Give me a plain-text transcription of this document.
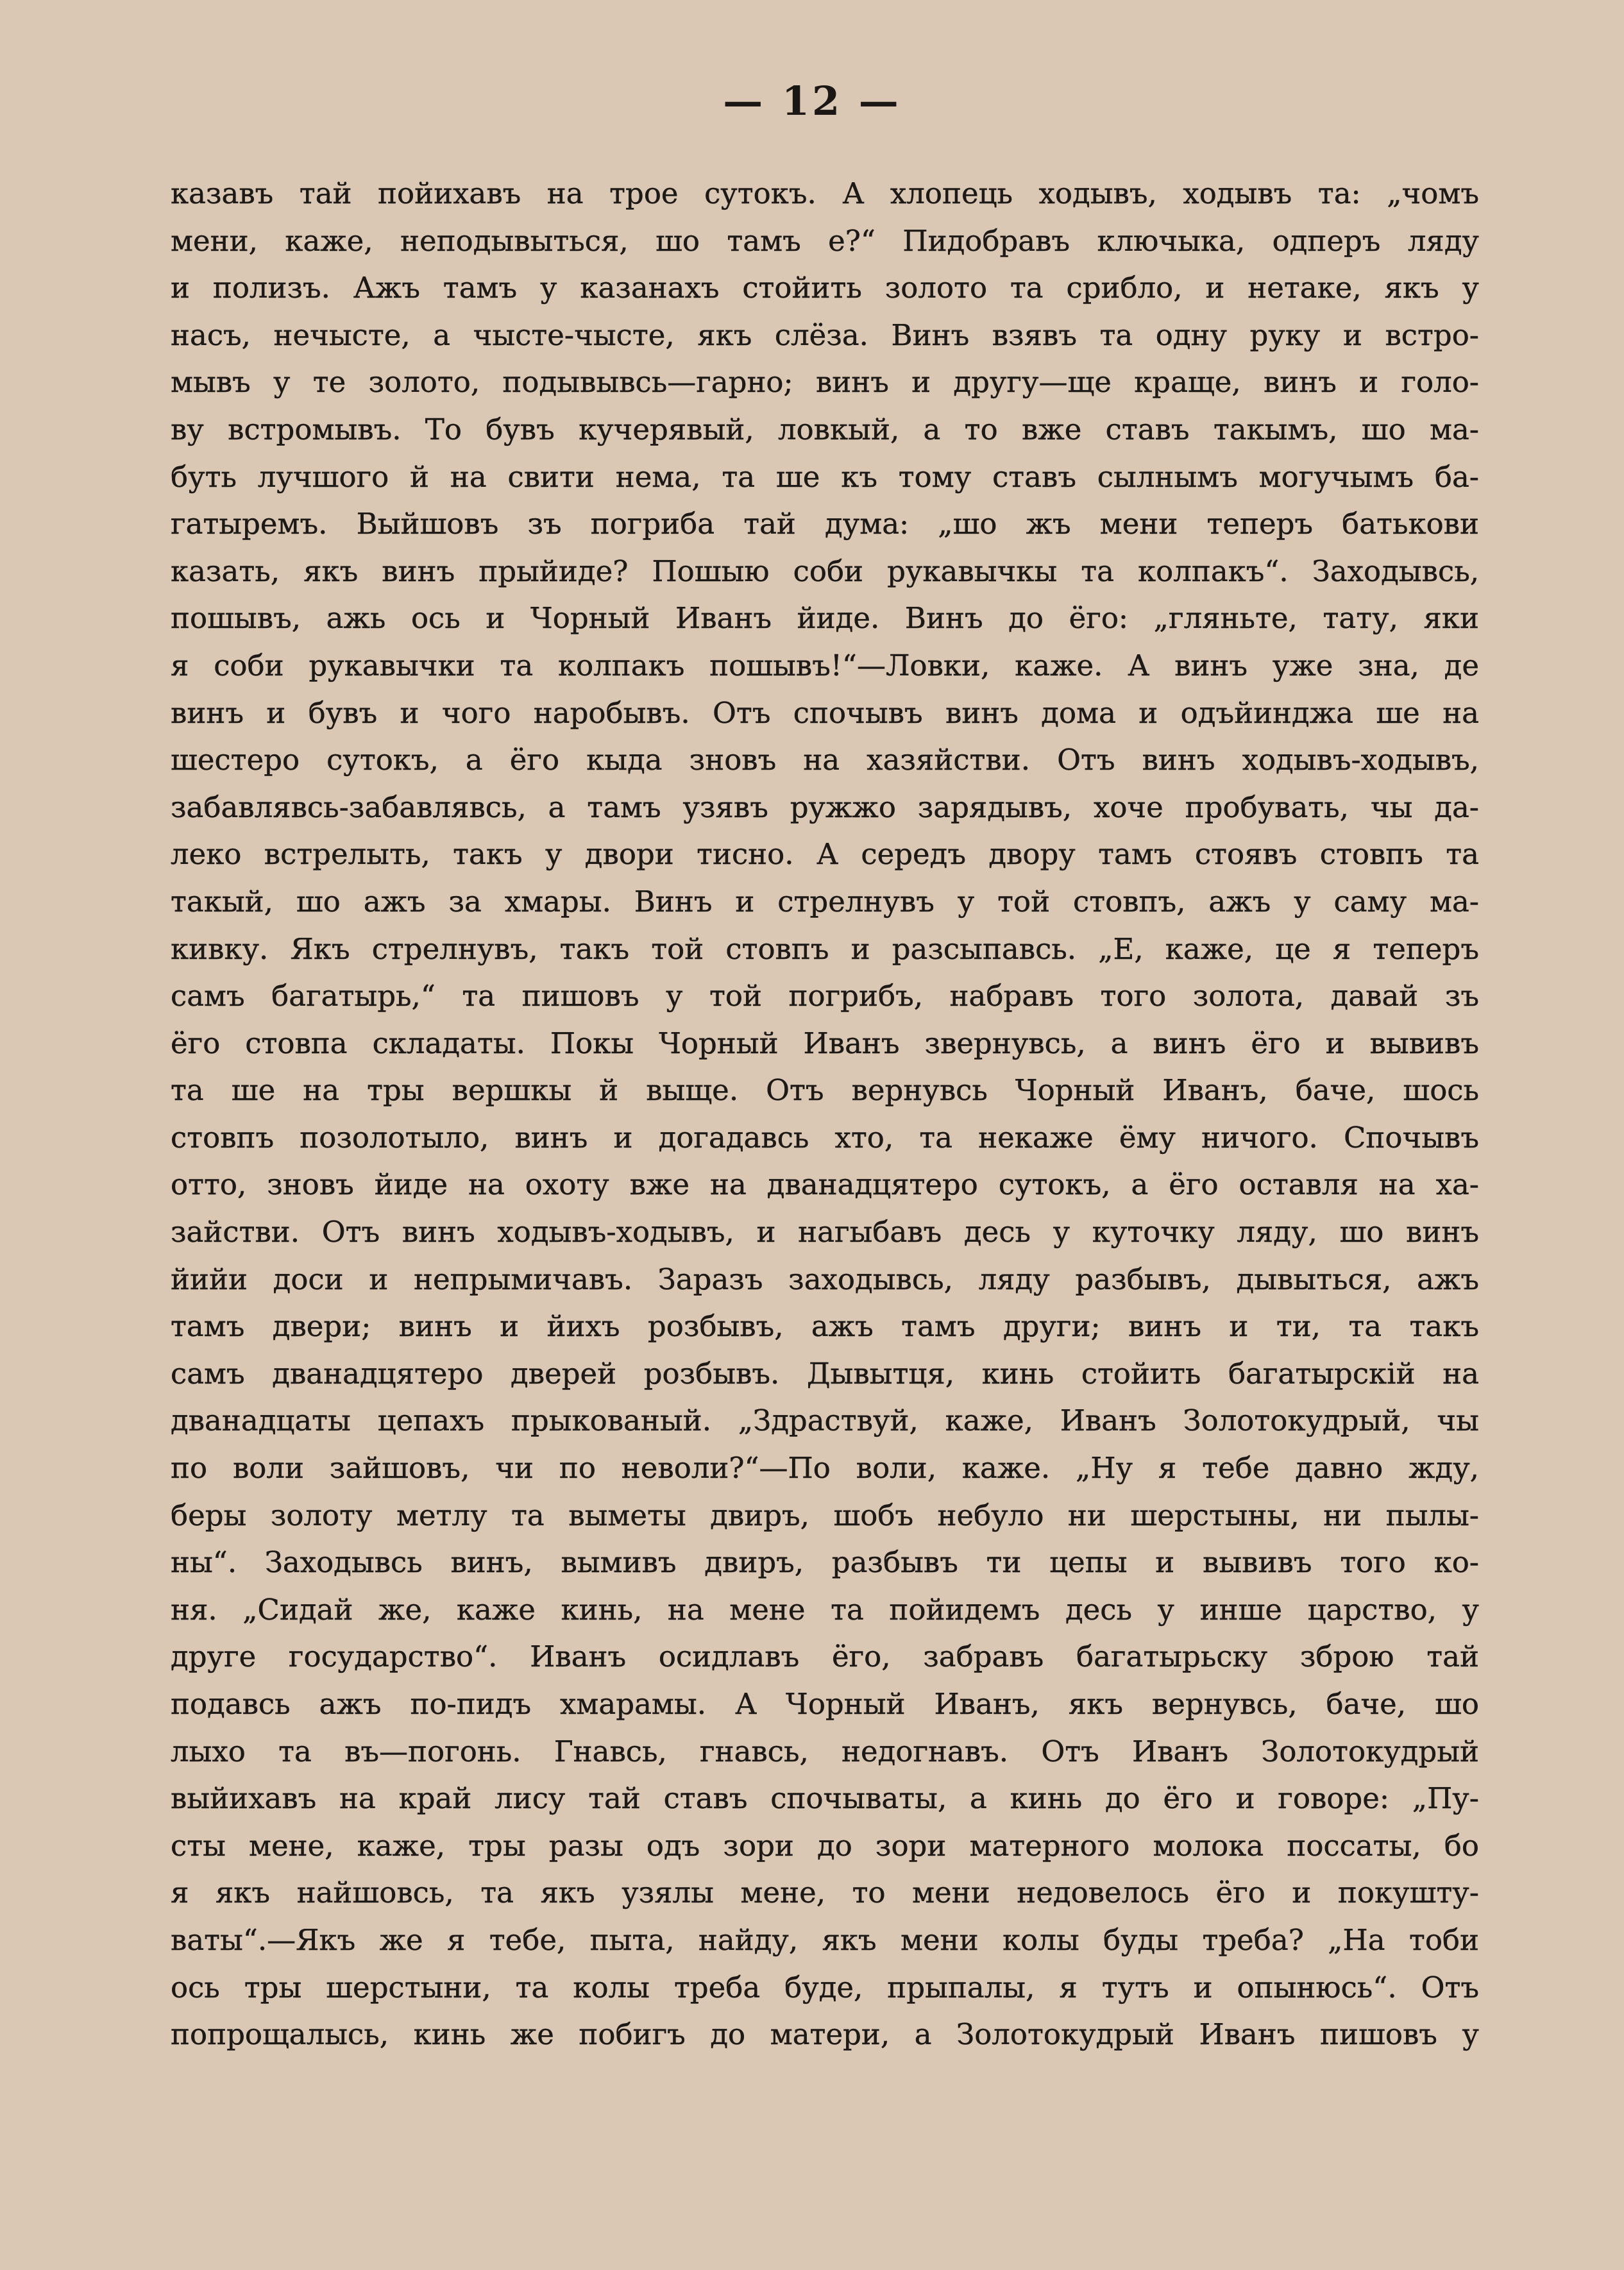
— 12 —
казавъ тай пойихавъ на трое сутокъ. А хлопець ходывъ, ходывъ та: „чомъ
мени, каже, неподывыться, шо тамъ е?“ Пидобравъ ключыка, одперъ ляду
и полизъ. Ажъ тамъ у казанахъ стойить золото та срибло, и нетаке, якъ у
насъ, нечысте, а чысте-чысте, якъ слёза. Винъ взявъ та одну руку и встро-
мывъ у те золото, подывывсь—гарно; винъ и другу—ще краще, винъ и голо-
ву встромывъ. То бувъ кучерявый, ловкый, а то вже ставъ такымъ, шо ма-
буть лучшого й на свити нема, та ше къ тому ставъ сылнымъ могучымъ ба-
гатыремъ. Выйшовъ зъ погриба тай дума: „шо жъ мени теперъ батькови
казать, якъ винъ прыйиде? Пошыю соби рукавычкы та колпакъ“. Заходывсь,
пошывъ, ажь ось и Чорный Иванъ йиде. Винъ до ёго: „гляньте, тату, яки
я соби рукавычки та колпакъ пошывъ!“—Ловки, каже. А винъ уже зна, де
винъ и бувъ и чого наробывъ. Отъ спочывъ винъ дома и одъйинджа ше на
шестеро сутокъ, а ёго кыда зновъ на хазяйстви. Отъ винъ ходывъ-ходывъ,
забавлявсь-забавлявсь, а тамъ узявъ ружжо зарядывъ, хоче пробувать, чы да-
леко встрелыть, такъ у двори тисно. А середъ двору тамъ стоявъ стовпъ та
такый, шо ажъ за хмары. Винъ и стрелнувъ у той стовпъ, ажъ у саму ма-
кивку. Якъ стрелнувъ, такъ той стовпъ и разсыпавсь. „Е, каже, це я теперъ
самъ багатырь,“ та пишовъ у той погрибъ, набравъ того золота, давай зъ
ёго стовпа складаты. Покы Чорный Иванъ звернувсь, а винъ ёго и вывивъ
та ше на тры вершкы й выще. Отъ вернувсь Чорный Иванъ, баче, шось
стовпъ позолотыло, винъ и догадавсь хто, та некаже ёму ничого. Спочывъ
отто, зновъ йиде на охоту вже на дванадцятеро сутокъ, а ёго оставля на ха-
зайстви. Отъ винъ ходывъ-ходывъ, и нагыбавъ десь у куточку ляду, шо винъ
йийи доси и непрымичавъ. Заразъ заходывсь, ляду разбывъ, дывыться, ажъ
тамъ двери; винъ и йихъ розбывъ, ажъ тамъ други; винъ и ти, та такъ
самъ дванадцятеро дверей розбывъ. Дывытця, кинь стойить багатырскій на
дванадцаты цепахъ прыкованый. „Здраствуй, каже, Иванъ Золотокудрый, чы
по воли зайшовъ, чи по неволи?“—По воли, каже. „Ну я тебе давно жду,
беры золоту метлу та выметы двиръ, шобъ небуло ни шерстыны, ни пылы-
ны“. Заходывсь винъ, вымивъ двиръ, разбывъ ти цепы и вывивъ того ко-
ня. „Сидай же, каже кинь, на мене та пойидемъ десь у инше царство, у
друге государство“. Иванъ осидлавъ ёго, забравъ багатырьску зброю тай
подавсь ажъ по-пидъ хмарамы. А Чорный Иванъ, якъ вернувсь, баче, шо
лыхо та въ—погонь. Гнавсь, гнавсь, недогнавъ. Отъ Иванъ Золотокудрый
выйихавъ на край лису тай ставъ спочываты, а кинь до ёго и говоре: „Пу-
сты мене, каже, тры разы одъ зори до зори матерного молока поссаты, бо
я якъ найшовсь, та якъ узялы мене, то мени недовелось ёго и покушту-
ваты“.—Якъ же я тебе, пыта, найду, якъ мени колы буды треба? „На тоби
ось тры шерстыни, та колы треба буде, прыпалы, я тутъ и опынюсь“. Отъ
попрощалысь, кинь же побигъ до матери, а Золотокудрый Иванъ пишовъ у
